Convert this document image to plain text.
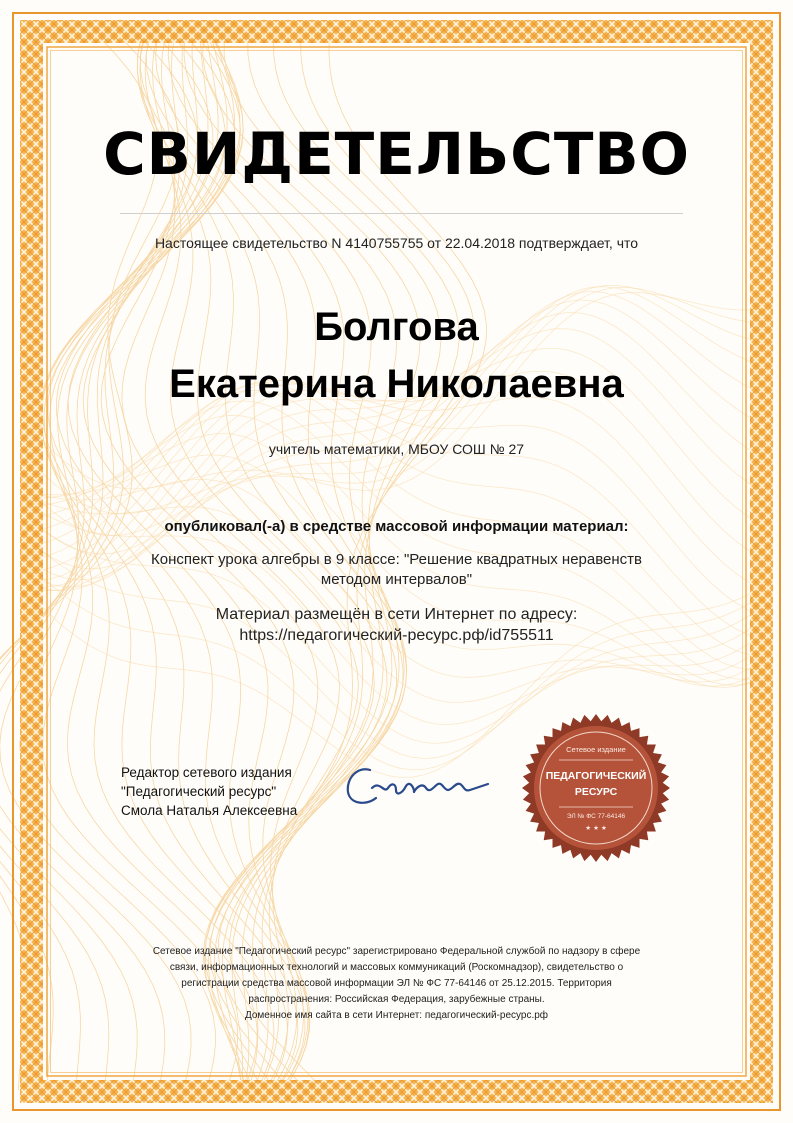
СВИДЕТЕЛЬСТВО
Настоящее свидетельство N 4140755755 от 22.04.2018 подтверждает, что
Болгова
Екатерина Николаевна
учитель математики, МБОУ СОШ № 27
опубликовал(-а) в средстве массовой информации материал:
Конспект урока алгебры в 9 классе: "Решение квадратных неравенств
методом интервалов"
Материал размещён в сети Интернет по адресу:
https://педагогический-ресурс.рф/id755511
Редактор сетевого издания
"Педагогический ресурс"
Смола Наталья Алексеевна
Сетевое издание
ПЕДАГОГИЧЕСКИЙ
РЕСУРС
ЭЛ № ФС 77-64146
★ ★ ★
Сетевое издание "Педагогический ресурс" зарегистрировано Федеральной службой по надзору в сфере
связи, информационных технологий и массовых коммуникаций (Роскомнадзор), свидетельство о
регистрации средства массовой информации ЭЛ № ФС 77-64146 от 25.12.2015. Территория
распространения: Российская Федерация, зарубежные страны.
Доменное имя сайта в сети Интернет: педагогический-ресурс.рф
